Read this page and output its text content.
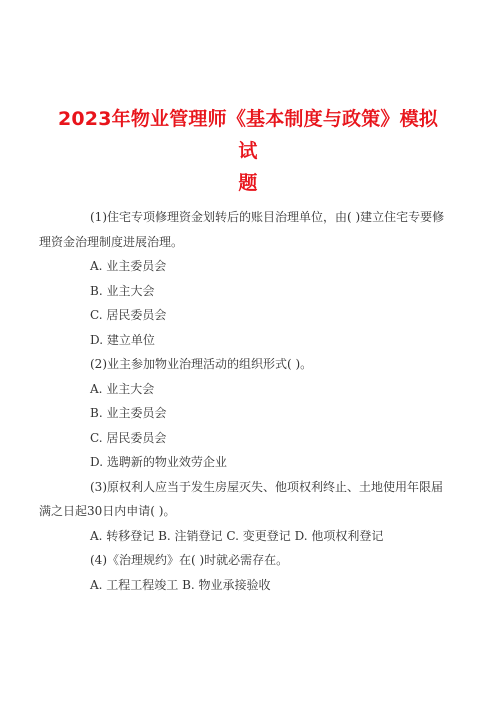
2023年物业管理师《基本制度与政策》模拟试
题
(1)住宅专项修理资金划转后的账目治理单位，由( )建立住宅专要修
理资金治理制度进展治理。
A. 业主委员会
B. 业主大会
C. 居民委员会
D. 建立单位
(2)业主参加物业治理活动的组织形式( )。
A. 业主大会
B. 业主委员会
C. 居民委员会
D. 选聘新的物业效劳企业
(3)原权利人应当于发生房屋灭失、他项权利终止、土地使用年限届
满之日起30日内申请( )。
A. 转移登记 B. 注销登记 C. 变更登记 D. 他项权利登记
(4)《治理规约》在( )时就必需存在。
A. 工程工程竣工 B. 物业承接验收
